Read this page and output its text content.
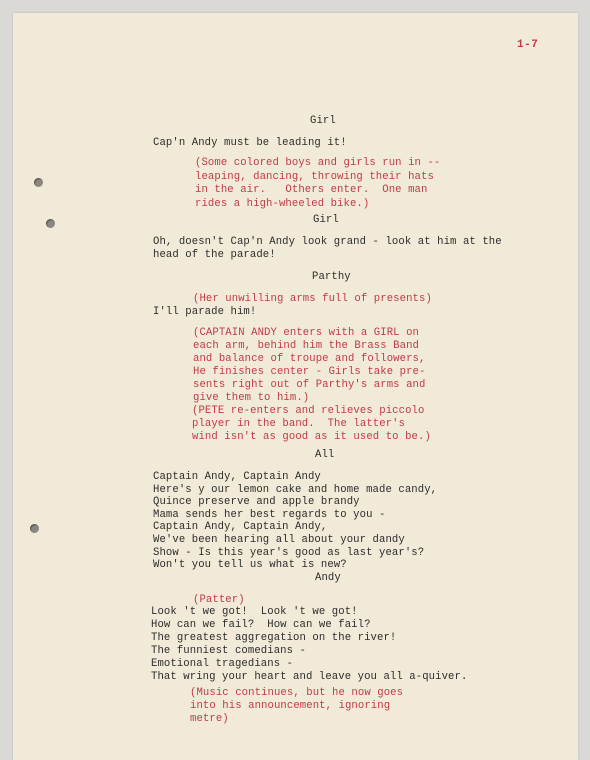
1-7
Girl
Cap'n Andy must be leading it!
(Some colored boys and girls run in --
leaping, dancing, throwing their hats
in the air.   Others enter.  One man
rides a high-wheeled bike.)
Girl
Oh, doesn't Cap'n Andy look grand - look at him at the
head of the parade!
Parthy
(Her unwilling arms full of presents)
I'll parade him!
(CAPTAIN ANDY enters with a GIRL on
each arm, behind him the Brass Band
and balance of troupe and followers,
He finishes center - Girls take pre-
sents right out of Parthy's arms and
give them to him.)
(PETE re-enters and relieves piccolo
player in the band.  The latter's
wind isn't as good as it used to be.)
All
Captain Andy, Captain Andy
Here's y our lemon cake and home made candy,
Quince preserve and apple brandy
Mama sends her best regards to you -
Captain Andy, Captain Andy,
We've been hearing all about your dandy
Show - Is this year's good as last year's?
Won't you tell us what is new?
Andy
(Patter)
Look 't we got!  Look 't we got!
How can we fail?  How can we fail?
The greatest aggregation on the river!
The funniest comedians -
Emotional tragedians -
That wring your heart and leave you all a-quiver.
(Music continues, but he now goes
into his announcement, ignoring
metre)
